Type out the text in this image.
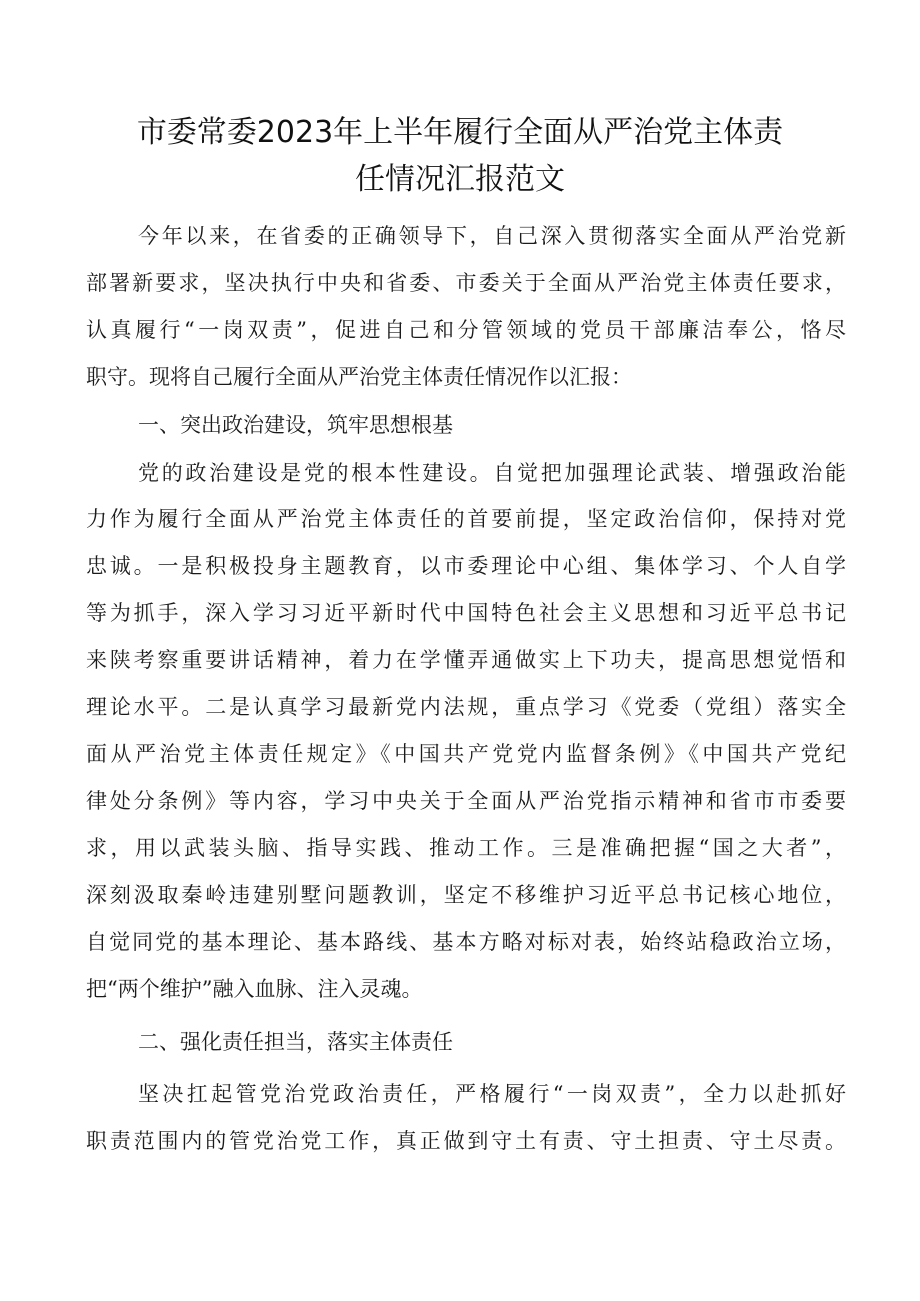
市委常委2023年上半年履行全面从严治党主体责
任情况汇报范文
今年以来，在省委的正确领导下，自己深入贯彻落实全面从严治党新
部署新要求，坚决执行中央和省委、市委关于全面从严治党主体责任要求，
认真履行“一岗双责”，促进自己和分管领域的党员干部廉洁奉公，恪尽
职守。现将自己履行全面从严治党主体责任情况作以汇报：
一、突出政治建设，筑牢思想根基
党的政治建设是党的根本性建设。自觉把加强理论武装、增强政治能
力作为履行全面从严治党主体责任的首要前提，坚定政治信仰，保持对党
忠诚。一是积极投身主题教育，以市委理论中心组、集体学习、个人自学
等为抓手，深入学习习近平新时代中国特色社会主义思想和习近平总书记
来陕考察重要讲话精神，着力在学懂弄通做实上下功夫，提高思想觉悟和
理论水平。二是认真学习最新党内法规，重点学习《党委（党组）落实全
面从严治党主体责任规定》《中国共产党党内监督条例》《中国共产党纪
律处分条例》等内容，学习中央关于全面从严治党指示精神和省市市委要
求，用以武装头脑、指导实践、推动工作。三是准确把握“国之大者”，
深刻汲取秦岭违建别墅问题教训，坚定不移维护习近平总书记核心地位，
自觉同党的基本理论、基本路线、基本方略对标对表，始终站稳政治立场，
把“两个维护”融入血脉、注入灵魂。
二、强化责任担当，落实主体责任
坚决扛起管党治党政治责任，严格履行“一岗双责”，全力以赴抓好
职责范围内的管党治党工作，真正做到守土有责、守土担责、守土尽责。
